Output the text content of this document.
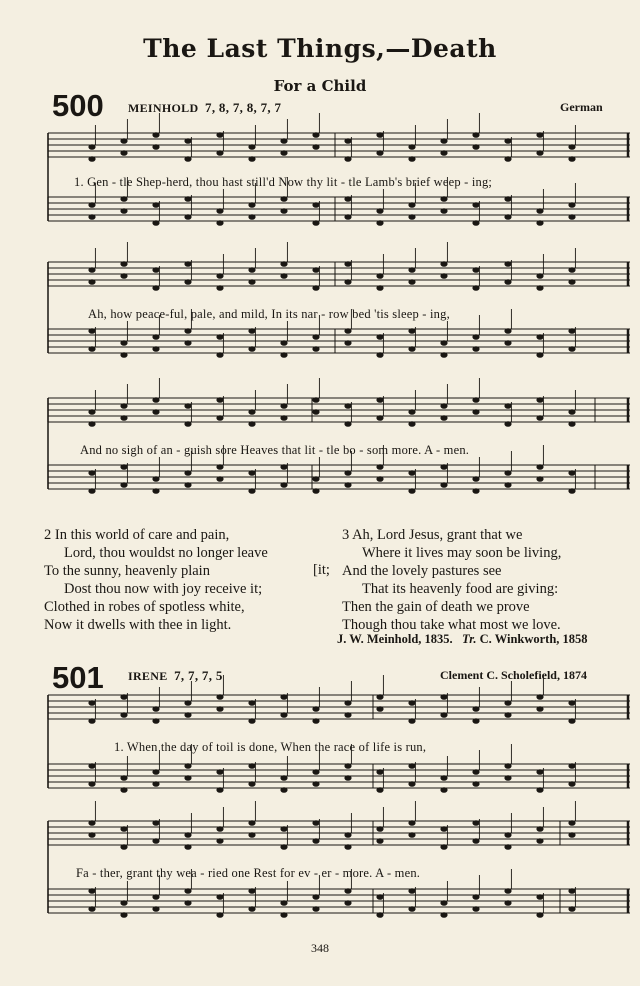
The Last Things,—Death
For a Child
500 MEINHOLD 7, 8, 7, 8, 7, 7	German
1. Gen - tle Shep-herd, thou hast still'd Now thy lit - tle Lamb's brief weep - ing;
Ah, how peace-ful, pale, and mild, In its nar - row bed 'tis sleep - ing,
And no sigh of an - guish sore Heaves that lit - tle bo - som more. A - men.
2 In this world of care and pain,
Lord, thou wouldst no longer leave
To the sunny, heavenly plain
Dost thou now with joy receive it;
Clothed in robes of spotless white,
Now it dwells with thee in light.
[it;
3 Ah, Lord Jesus, grant that we
Where it lives may soon be living,
And the lovely pastures see
That its heavenly food are giving:
Then the gain of death we prove
Though thou take what most we love.
J. W. Meinhold, 1835. Tr. C. Winkworth, 1858
501 IRENE 7, 7, 7, 5	Clement C. Scholefield, 1874
1. When the day of toil is done, When the race of life is run,
Fa - ther, grant thy wea - ried one Rest for ev - er - more. A - men.
348
